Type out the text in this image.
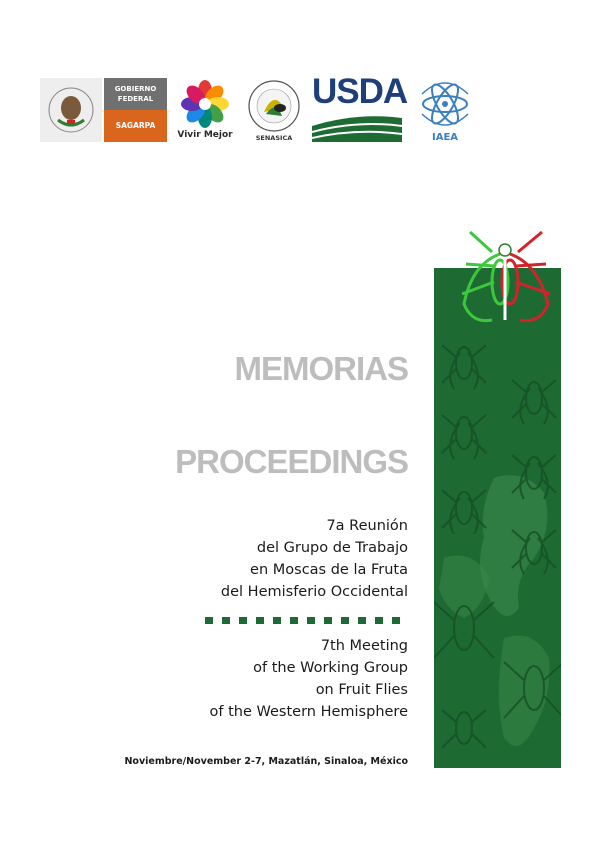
GOBIERNO
FEDERAL
SAGARPA
Vivir Mejor	SENASICA
USDA
IAEA
MEMORIAS
PROCEEDINGS
7a Reunión
del Grupo de Trabajo
en Moscas de la Fruta
del Hemisferio Occidental
7th Meeting
of the Working Group
on Fruit Flies
of the Western Hemisphere
Noviembre/November 2-7, Mazatlán, Sinaloa, México
